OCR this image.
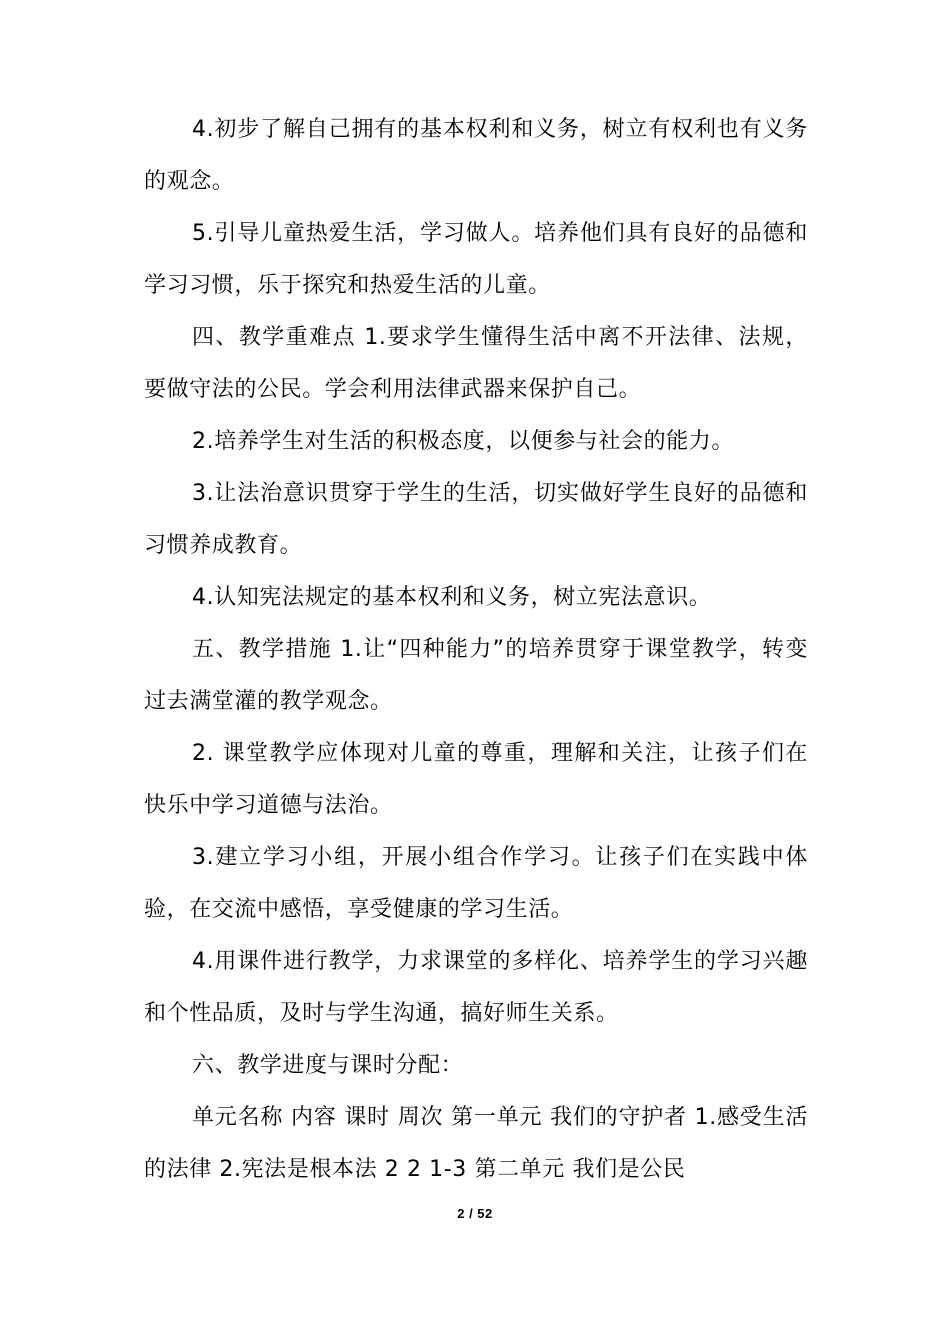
4.初步了解自己拥有的基本权利和义务，树立有权利也有义务的观念。

5.引导儿童热爱生活，学习做人。培养他们具有良好的品德和学习习惯，乐于探究和热爱生活的儿童。

四、教学重难点 1.要求学生懂得生活中离不开法律、法规，要做守法的公民。学会利用法律武器来保护自己。

2.培养学生对生活的积极态度，以便参与社会的能力。

3.让法治意识贯穿于学生的生活，切实做好学生良好的品德和习惯养成教育。

4.认知宪法规定的基本权利和义务，树立宪法意识。

五、教学措施 1.让“四种能力”的培养贯穿于课堂教学，转变过去满堂灌的教学观念。

2. 课堂教学应体现对儿童的尊重，理解和关注，让孩子们在快乐中学习道德与法治。

3.建立学习小组，开展小组合作学习。让孩子们在实践中体验，在交流中感悟，享受健康的学习生活。

4.用课件进行教学，力求课堂的多样化、培养学生的学习兴趣和个性品质，及时与学生沟通，搞好师生关系。

六、教学进度与课时分配：

单元名称 内容 课时 周次 第一单元 我们的守护者 1.感受生活的法律 2.宪法是根本法 2 2 1-3 第二单元 我们是公民

2 / 52
